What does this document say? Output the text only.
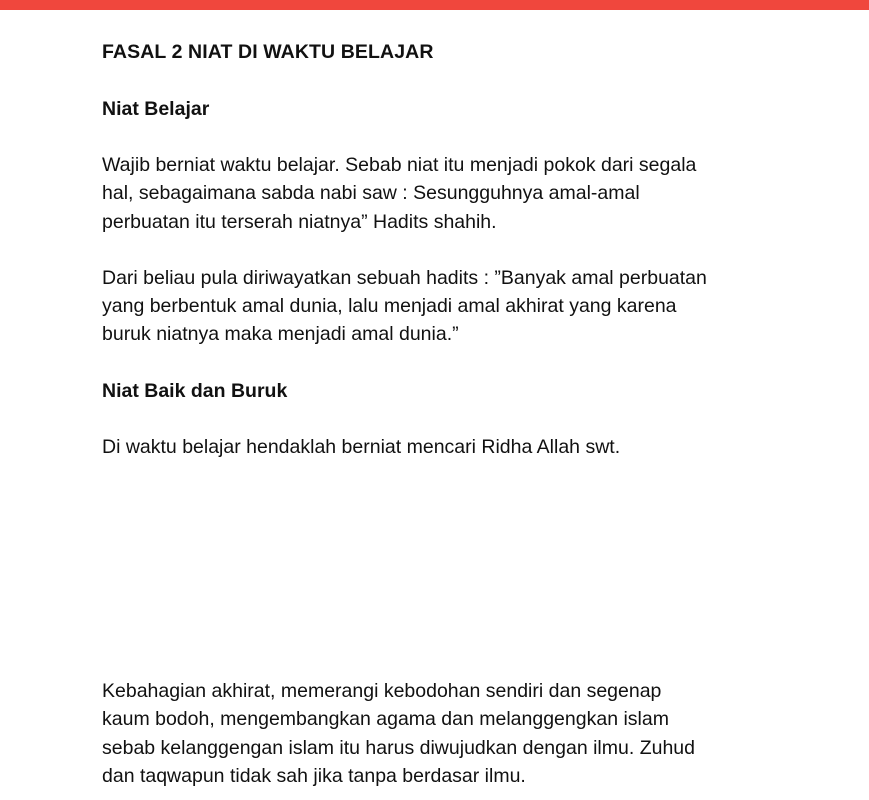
FASAL 2 NIAT DI WAKTU BELAJAR
Niat Belajar

Wajib berniat waktu belajar. Sebab niat itu menjadi pokok dari segala
hal, sebagaimana sabda nabi saw : Sesungguhnya amal-amal
perbuatan itu terserah niatnya” Hadits shahih.

Dari beliau pula diriwayatkan sebuah hadits : ”Banyak amal perbuatan
yang berbentuk amal dunia, lalu menjadi amal akhirat yang karena
buruk niatnya maka menjadi amal dunia.”

Niat Baik dan Buruk

Di waktu belajar hendaklah berniat mencari Ridha Allah swt.

Kebahagian akhirat, memerangi kebodohan sendiri dan segenap
kaum bodoh, mengembangkan agama dan melanggengkan islam
sebab kelanggengan islam itu harus diwujudkan dengan ilmu. Zuhud
dan taqwapun tidak sah jika tanpa berdasar ilmu.
